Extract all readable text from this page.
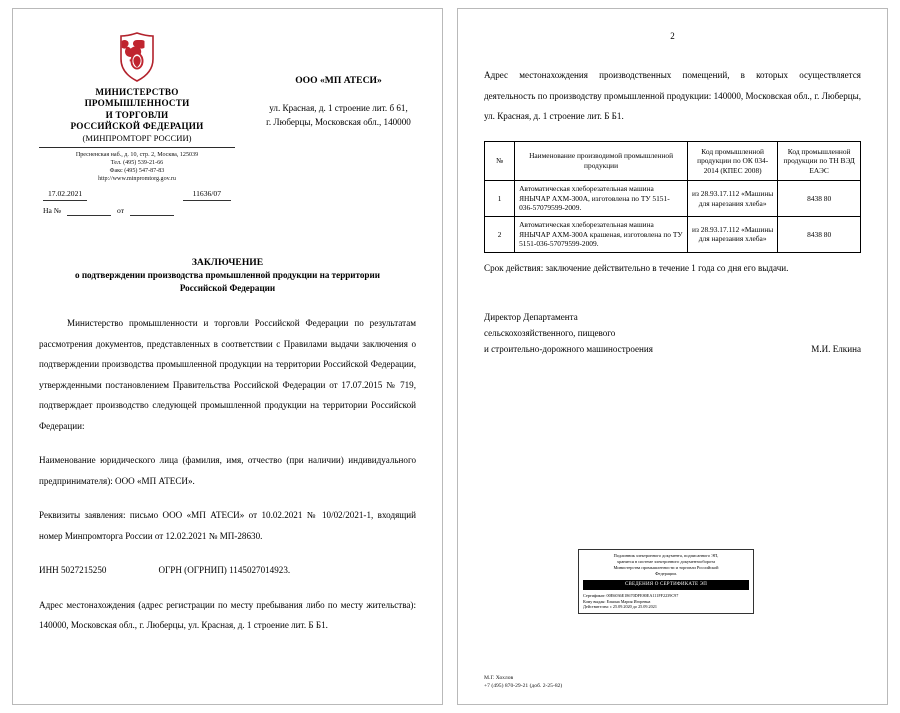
МИНИСТЕРСТВО
ПРОМЫШЛЕННОСТИ
И ТОРГОВЛИ
РОССИЙСКОЙ ФЕДЕРАЦИИ
(МИНПРОМТОРГ РОССИИ)
Пресненская наб., д. 10, стр. 2, Москва, 125039
Тел. (495) 539-21-66
Факс (495) 547-87-83
http://www.minpromtorg.gov.ru
17.02.2021	11636/07
На №	от
ООО «МП АТЕСИ»
ул. Красная, д. 1 строение лит. б 61,
г. Люберцы, Московская обл., 140000
ЗАКЛЮЧЕНИЕ
о подтверждении производства промышленной продукции на территории
Российской Федерации

Министерство промышленности и торговли Российской Федерации по результатам рассмотрения документов, представленных в соответствии с Правилами выдачи заключения о подтверждении производства промышленной продукции на территории Российской Федерации, утвержденными постановлением Правительства Российской Федерации от 17.07.2015 № 719, подтверждает производство следующей промышленной продукции на территории Российской Федерации:

Наименование юридического лица (фамилия, имя, отчество (при наличии) индивидуального предпринимателя): ООО «МП АТЕСИ».

Реквизиты заявления: письмо ООО «МП АТЕСИ» от 10.02.2021 № 10/02/2021-1, входящий номер Минпромторга России от 12.02.2021 № МП-28630.

ИНН 5027215250	ОГРН (ОГРНИП) 1145027014923.

Адрес местонахождения (адрес регистрации по месту пребывания либо по месту жительства): 140000, Московская обл., г. Люберцы, ул. Красная, д. 1 строение лит. Б Б1.

2

Адрес местонахождения производственных помещений, в которых осуществляется деятельность по производству промышленной продукции: 140000, Московская обл., г. Люберцы, ул. Красная, д. 1 строение лит. Б Б1.

№	Наименование производимой промышленной продукции	Код промышленной продукции по ОК 034-2014 (КПЕС 2008)	Код промышленной продукции по ТН ВЭД ЕАЭС
1	Автоматическая хлеборезательная машина ЯНЫЧАР АХМ-300А, изготовлена по ТУ 5151-036-57079599-2009.	из 28.93.17.112 «Машины для нарезания хлеба»	8438 80
2	Автоматическая хлеборезательная машина ЯНЫЧАР АХМ-300А крашеная, изготовлена по ТУ 5151-036-57079599-2009.	из 28.93.17.112 «Машины для нарезания хлеба»	8438 80
Срок действия: заключение действительно в течение 1 года со дня его выдачи.
Директор Департамента
сельскохозяйственного, пищевого
и строительно-дорожного машиностроения	М.И. Елкина
Подлинник электронного документа, подписанного ЭП,
хранится в системе электронного документооборота
Министерства промышленности и торговли Российской
Федерации.
СВЕДЕНИЯ О СЕРТИФИКАТЕ ЭП
Сертификат: 00E6036E18670DFE80EA111FF2239C97
Кому выдан: Елкина Мария Игоревна
Действителен: с 25.09.2020 до 25.09.2021
М.Г. Хохлов
+7 (495) 870-29-21 (доб. 2-25-82)
